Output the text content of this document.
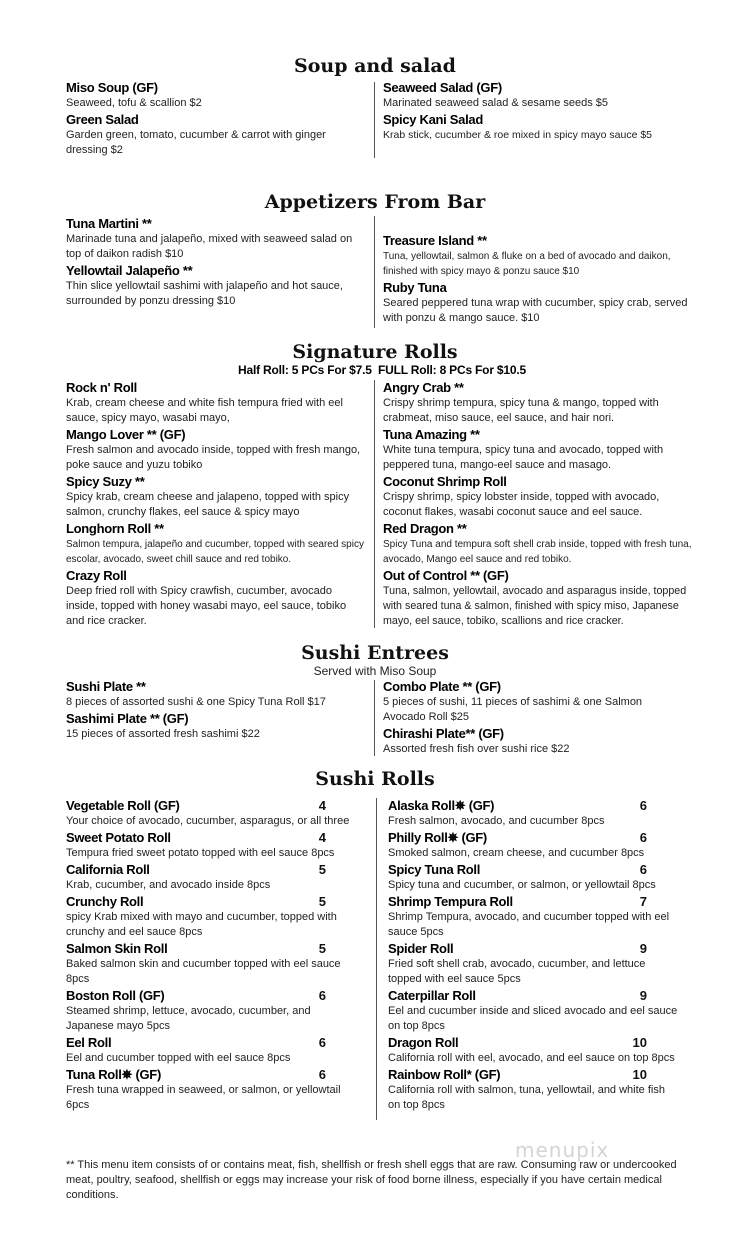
Soup and salad
Miso Soup (GF)
Seaweed, tofu & scallion $2
Green Salad
Garden green, tomato, cucumber & carrot with ginger dressing $2
Seaweed Salad (GF)
Marinated seaweed salad & sesame seeds $5
Spicy Kani Salad
Krab stick, cucumber & roe mixed in spicy mayo sauce $5
Appetizers From Bar
Tuna Martini **
Marinade tuna and jalapeño, mixed with seaweed salad on top of daikon radish $10
Yellowtail Jalapeño **
Thin slice yellowtail sashimi with jalapeño and hot sauce, surrounded by ponzu dressing $10
Treasure Island **
Tuna, yellowtail, salmon & fluke on a bed of avocado and daikon, finished with spicy mayo & ponzu sauce $10
Ruby Tuna
Seared peppered tuna wrap with cucumber, spicy crab, served with ponzu & mango sauce. $10
Signature Rolls
Half Roll: 5 PCs For $7.5 FULL Roll: 8 PCs For $10.5
Rock n' Roll
Krab, cream cheese and white fish tempura fried with eel sauce, spicy mayo, wasabi mayo,
Mango Lover ** (GF)
Fresh salmon and avocado inside, topped with fresh mango, poke sauce and yuzu tobiko
Spicy Suzy **
Spicy krab, cream cheese and jalapeno, topped with spicy salmon, crunchy flakes, eel sauce & spicy mayo
Longhorn Roll **
Salmon tempura, jalapeño and cucumber, topped with seared spicy escolar, avocado, sweet chill sauce and red tobiko.
Crazy Roll
Deep fried roll with Spicy crawfish, cucumber, avocado inside, topped with honey wasabi mayo, eel sauce, tobiko and rice cracker.
Angry Crab **
Crispy shrimp tempura, spicy tuna & mango, topped with crabmeat, miso sauce, eel sauce, and hair nori.
Tuna Amazing **
White tuna tempura, spicy tuna and avocado, topped with peppered tuna, mango-eel sauce and masago.
Coconut Shrimp Roll
Crispy shrimp, spicy lobster inside, topped with avocado, coconut flakes, wasabi coconut sauce and eel sauce.
Red Dragon **
Spicy Tuna and tempura soft shell crab inside, topped with fresh tuna, avocado, Mango eel sauce and red tobiko.
Out of Control ** (GF)
Tuna, salmon, yellowtail, avocado and asparagus inside, topped with seared tuna & salmon, finished with spicy miso, Japanese mayo, eel sauce, tobiko, scallions and rice cracker.
Sushi Entrees
Served with Miso Soup
Sushi Plate **
8 pieces of assorted sushi & one Spicy Tuna Roll $17
Sashimi Plate ** (GF)
15 pieces of assorted fresh sashimi $22
Combo Plate ** (GF)
5 pieces of sushi, 11 pieces of sashimi & one Salmon Avocado Roll $25
Chirashi Plate** (GF)
Assorted fresh fish over sushi rice $22
Sushi Rolls
Vegetable Roll (GF)	4
Your choice of avocado, cucumber, asparagus, or all three
Sweet Potato Roll	4
Tempura fried sweet potato topped with eel sauce 8pcs
California Roll	5
Krab, cucumber, and avocado inside 8pcs
Crunchy Roll	5
spicy Krab mixed with mayo and cucumber, topped with crunchy and eel sauce 8pcs
Salmon Skin Roll	5
Baked salmon skin and cucumber topped with eel sauce 8pcs
Boston Roll (GF)	6
Steamed shrimp, lettuce, avocado, cucumber, and Japanese mayo 5pcs
Eel Roll	6
Eel and cucumber topped with eel sauce 8pcs
Tuna Roll✵ (GF)	6
Fresh tuna wrapped in seaweed, or salmon, or yellowtail 6pcs
Alaska Roll✵ (GF)	6
Fresh salmon, avocado, and cucumber 8pcs
Philly Roll✵ (GF)	6
Smoked salmon, cream cheese, and cucumber 8pcs
Spicy Tuna Roll	6
Spicy tuna and cucumber, or salmon, or yellowtail 8pcs
Shrimp Tempura Roll	7
Shrimp Tempura, avocado, and cucumber topped with eel sauce 5pcs
Spider Roll	9
Fried soft shell crab, avocado, cucumber, and lettuce topped with eel sauce 5pcs
Caterpillar Roll	9
Eel and cucumber inside and sliced avocado and eel sauce on top 8pcs
Dragon Roll	10
California roll with eel, avocado, and eel sauce on top 8pcs
Rainbow Roll* (GF)	10
California roll with salmon, tuna, yellowtail, and white fish on top 8pcs
menupix
** This menu item consists of or contains meat, fish, shellfish or fresh shell eggs that are raw. Consuming raw or undercooked meat, poultry, seafood, shellfish or eggs may increase your risk of food borne illness, especially if you have certain medical conditions.
